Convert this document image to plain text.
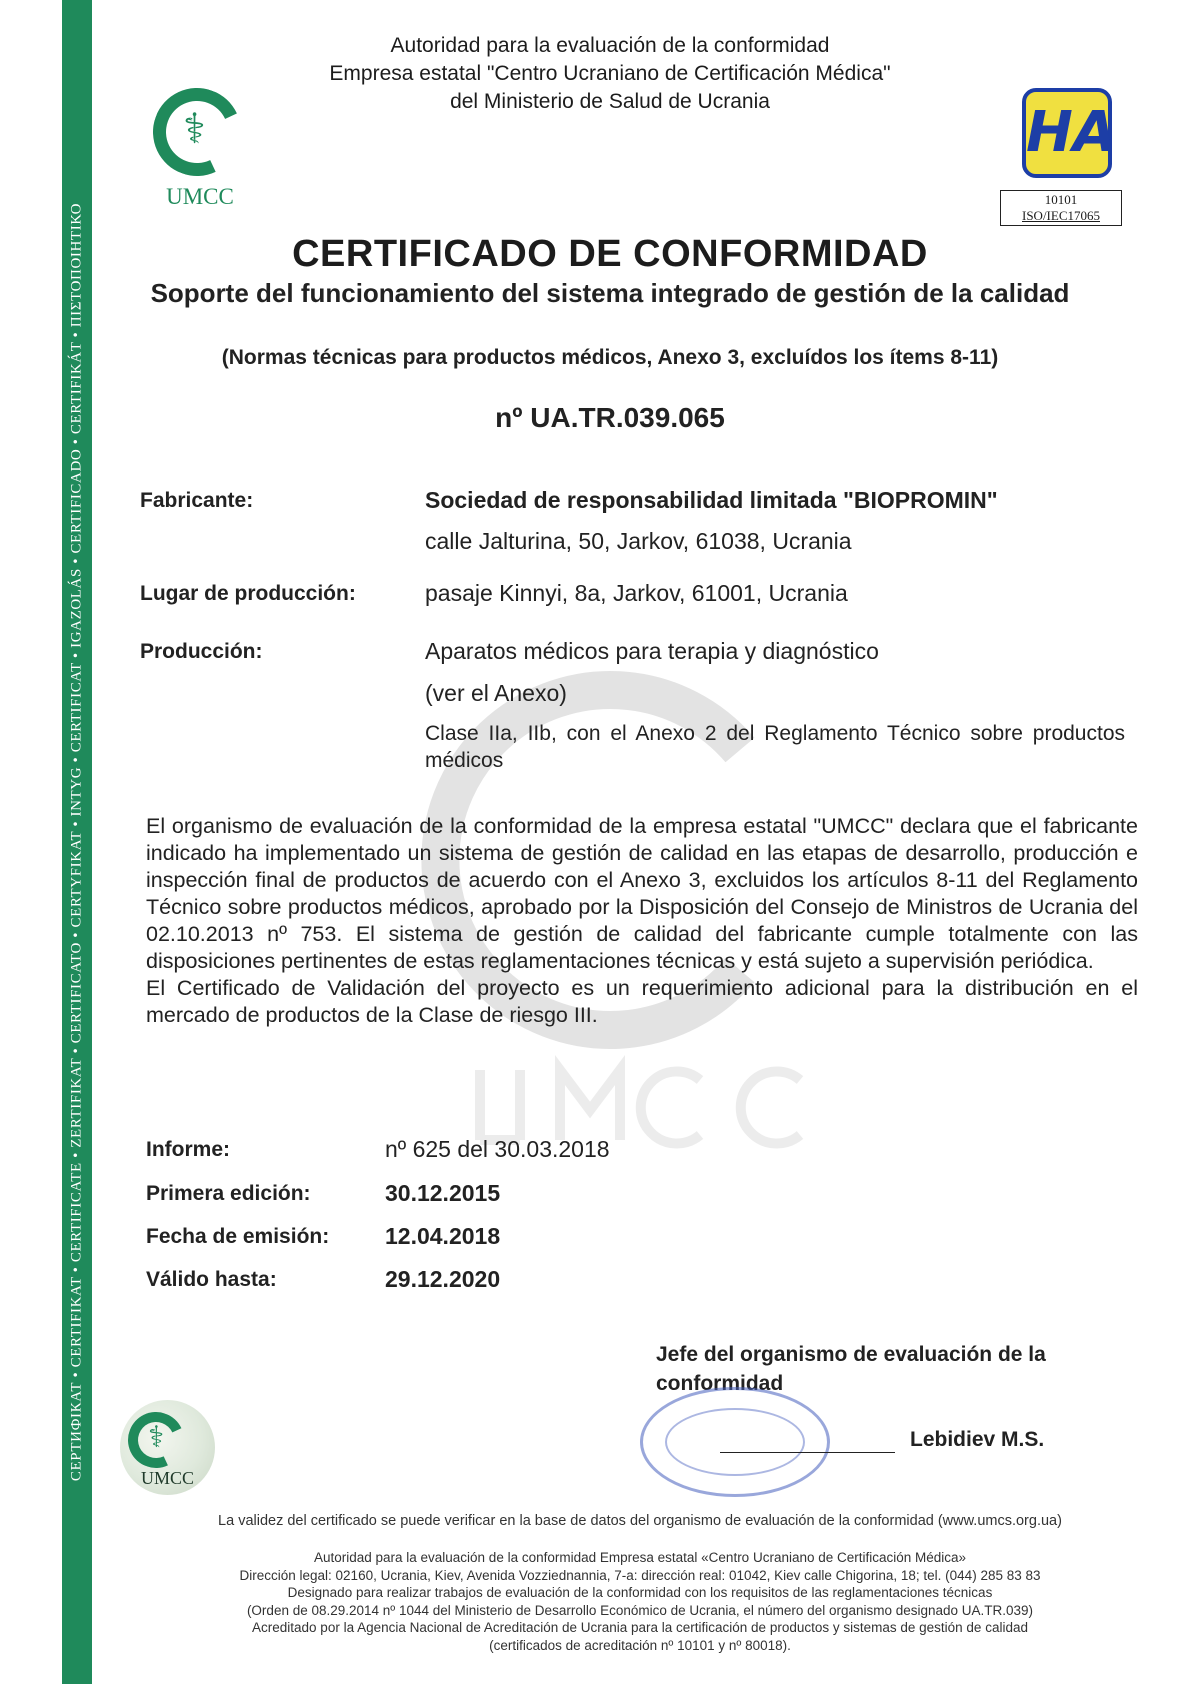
СЕРТИФІКАТ • CERTIFIKAT • CERTIFICATE • ZERTIFIKAT • CERTIFICATO • CERTYFIKAT • INTYG • CERTIFICAT • IGAZOLÁS • CERTIFICADO • CERTIFIKÁT • ΠΙΣΤΟΠΟΙΗΤΙΚΟ
Autoridad para la evaluación de la conformidad
Empresa estatal "Centro Ucraniano de Certificación Médica"
del Ministerio de Salud de Ucrania
⚕
UMCC
HA
10101
ISO/IEC17065
CERTIFICADO DE CONFORMIDAD
Soporte del funcionamiento del sistema integrado de gestión de la calidad
(Normas técnicas para productos médicos, Anexo 3, excluídos los ítems 8-11)
nº UA.TR.039.065
Fabricante:	Sociedad de responsabilidad limitada "BIOPROMIN"
calle Jalturina, 50, Jarkov, 61038, Ucrania
Lugar de producción:	pasaje Kinnyi, 8a, Jarkov, 61001, Ucrania
Producción:	Aparatos médicos para terapia y diagnóstico
(ver el Anexo)
Clase IIa, IIb, con el Anexo 2 del Reglamento Técnico sobre productos médicos

El organismo de evaluación de la conformidad de la empresa estatal "UMCC" declara que el fabricante indicado ha implementado un sistema de gestión de calidad en las etapas de desarrollo, producción e inspección final de productos de acuerdo con el Anexo 3, excluidos los artículos 8-11 del Reglamento Técnico sobre productos médicos, aprobado por la Disposición del Consejo de Ministros de Ucrania del 02.10.2013 nº 753. El sistema de gestión de calidad del fabricante cumple totalmente con las disposiciones pertinentes de estas reglamentaciones técnicas y está sujeto a supervisión periódica.

El Certificado de Validación del proyecto es un requerimiento adicional para la distribución en el mercado de productos de la Clase de riesgo III.

Informe:	nº 625 del 30.03.2018
Primera edición:	30.12.2015
Fecha de emisión: 12.04.2018
Válido hasta:	29.12.2020
Jefe del organismo de evaluación de la conformidad
Lebidiev M.S.
⚕
UMCC
La validez del certificado se puede verificar en la base de datos del organismo de evaluación de la conformidad (www.umcs.org.ua)
Autoridad para la evaluación de la conformidad Empresa estatal «Centro Ucraniano de Certificación Médica»
Dirección legal: 02160, Ucrania, Kiev, Avenida Vozziednannia, 7-a: dirección real: 01042, Kiev calle Chigorina, 18; tel. (044) 285 83 83
Designado para realizar trabajos de evaluación de la conformidad con los requisitos de las reglamentaciones técnicas
(Orden de 08.29.2014 nº 1044 del Ministerio de Desarrollo Económico de Ucrania, el número del organismo designado UA.TR.039)
Acreditado por la Agencia Nacional de Acreditación de Ucrania para la certificación de productos y sistemas de gestión de calidad
(certificados de acreditación nº 10101 y nº 80018).
